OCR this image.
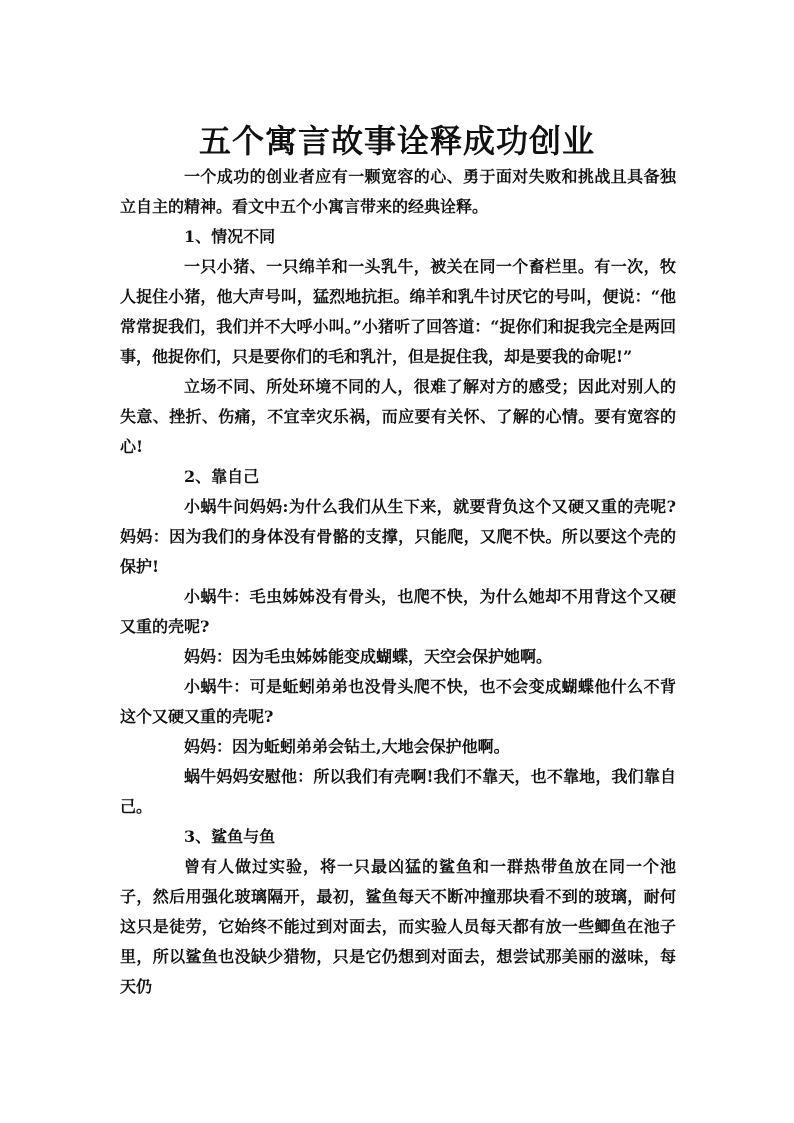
五个寓言故事诠释成功创业

一个成功的创业者应有一颗宽容的心、勇于面对失败和挑战且具备独立自主的精神。看文中五个小寓言带来的经典诠释。

1、情况不同

一只小猪、一只绵羊和一头乳牛，被关在同一个畜栏里。有一次，牧人捉住小猪，他大声号叫，猛烈地抗拒。绵羊和乳牛讨厌它的号叫，便说：“他常常捉我们，我们并不大呼小叫。”小猪听了回答道：“捉你们和捉我完全是两回事，他捉你们，只是要你们的毛和乳汁，但是捉住我，却是要我的命呢!”

立场不同、所处环境不同的人，很难了解对方的感受；因此对别人的失意、挫折、伤痛，不宜幸灾乐祸，而应要有关怀、了解的心情。要有宽容的心!

2、靠自己

小蜗牛问妈妈:为什么我们从生下来，就要背负这个又硬又重的壳呢?妈妈：因为我们的身体没有骨骼的支撑，只能爬，又爬不快。所以要这个壳的保护!

小蜗牛：毛虫姊姊没有骨头，也爬不快，为什么她却不用背这个又硬又重的壳呢?

妈妈：因为毛虫姊姊能变成蝴蝶，天空会保护她啊。

小蜗牛：可是蚯蚓弟弟也没骨头爬不快，也不会变成蝴蝶他什么不背这个又硬又重的壳呢?

妈妈：因为蚯蚓弟弟会钻土,大地会保护他啊。

蜗牛妈妈安慰他：所以我们有壳啊!我们不靠天，也不靠地，我们靠自己。

3、鲨鱼与鱼

曾有人做过实验，将一只最凶猛的鲨鱼和一群热带鱼放在同一个池子，然后用强化玻璃隔开，最初，鲨鱼每天不断冲撞那块看不到的玻璃，耐何这只是徒劳，它始终不能过到对面去，而实验人员每天都有放一些鲫鱼在池子里，所以鲨鱼也没缺少猎物，只是它仍想到对面去，想尝试那美丽的滋味，每天仍
